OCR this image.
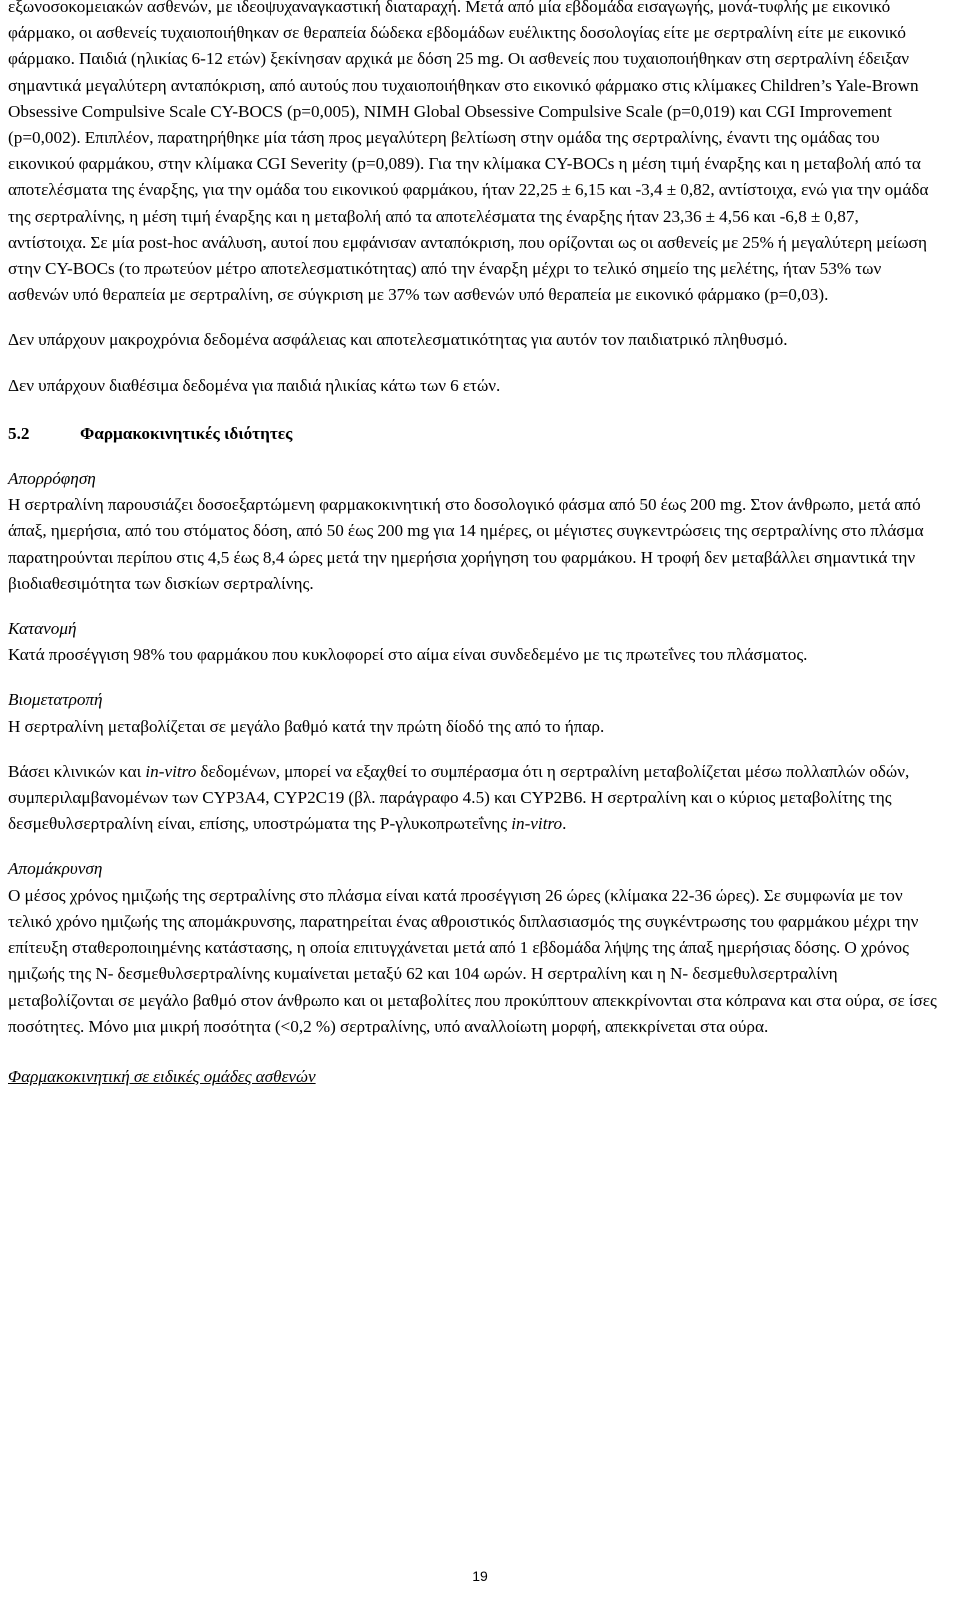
εξωνοσοκομειακών ασθενών, με ιδεοψυχαναγκαστική διαταραχή. Μετά από μία εβδομάδα εισαγωγής, μονά-τυφλής με εικονικό φάρμακο, οι ασθενείς τυχαιοποιήθηκαν σε θεραπεία δώδεκα εβδομάδων ευέλικτης δοσολογίας είτε με σερτραλίνη είτε με εικονικό φάρμακο. Παιδιά (ηλικίας 6-12 ετών) ξεκίνησαν αρχικά με δόση 25 mg. Οι ασθενείς που τυχαιοποιήθηκαν στη σερτραλίνη έδειξαν σημαντικά μεγαλύτερη ανταπόκριση, από αυτούς που τυχαιοποιήθηκαν στο εικονικό φάρμακο στις κλίμακες Children’s Yale-Brown Obsessive Compulsive Scale CY-BOCS (p=0,005), NIMH Global Obsessive Compulsive Scale (p=0,019) και CGI Improvement (p=0,002). Επιπλέον, παρατηρήθηκε μία τάση προς μεγαλύτερη βελτίωση στην ομάδα της σερτραλίνης, έναντι της ομάδας του εικονικού φαρμάκου, στην κλίμακα CGI Severity (p=0,089). Για την κλίμακα CY-BOCs η μέση τιμή έναρξης και η μεταβολή από τα αποτελέσματα της έναρξης, για την ομάδα του εικονικού φαρμάκου, ήταν 22,25 ± 6,15 και -3,4 ± 0,82, αντίστοιχα, ενώ για την ομάδα της σερτραλίνης, η μέση τιμή έναρξης και η μεταβολή από τα αποτελέσματα της έναρξης ήταν 23,36 ± 4,56 και -6,8 ± 0,87, αντίστοιχα. Σε μία post-hoc ανάλυση, αυτοί που εμφάνισαν ανταπόκριση, που ορίζονται ως οι ασθενείς με 25% ή μεγαλύτερη μείωση στην CY-BOCs (το πρωτεύον μέτρο αποτελεσματικότητας) από την έναρξη μέχρι το τελικό σημείο της μελέτης, ήταν 53% των ασθενών υπό θεραπεία με σερτραλίνη, σε σύγκριση με 37% των ασθενών υπό θεραπεία με εικονικό φάρμακο (p=0,03).

Δεν υπάρχουν μακροχρόνια δεδομένα ασφάλειας και αποτελεσματικότητας για αυτόν τον παιδιατρικό πληθυσμό.

Δεν υπάρχουν διαθέσιμα δεδομένα για παιδιά ηλικίας κάτω των 6 ετών.

5.2	Φαρμακοκινητικές ιδιότητες

Απορρόφηση

Η σερτραλίνη παρουσιάζει δοσοεξαρτώμενη φαρμακοκινητική στο δοσολογικό φάσμα από 50 έως 200 mg. Στον άνθρωπο, μετά από άπαξ, ημερήσια, από του στόματος δόση, από 50 έως 200 mg για 14 ημέρες, οι μέγιστες συγκεντρώσεις της σερτραλίνης στο πλάσμα παρατηρούνται περίπου στις 4,5 έως 8,4 ώρες μετά την ημερήσια χορήγηση του φαρμάκου. Η τροφή δεν μεταβάλλει σημαντικά την βιοδιαθεσιμότητα των δισκίων σερτραλίνης.

Κατανομή

Κατά προσέγγιση 98% του φαρμάκου που κυκλοφορεί στο αίμα είναι συνδεδεμένο με τις πρωτεΐνες του πλάσματος.

Βιομετατροπή

Η σερτραλίνη μεταβολίζεται σε μεγάλο βαθμό κατά την πρώτη δίοδό της από το ήπαρ.

Βάσει κλινικών και in-vitro δεδομένων, μπορεί να εξαχθεί το συμπέρασμα ότι η σερτραλίνη μεταβολίζεται μέσω πολλαπλών οδών, συμπεριλαμβανομένων των CYP3A4, CYP2C19 (βλ. παράγραφο 4.5) και CYP2B6. Η σερτραλίνη και ο κύριος μεταβολίτης της δεσμεθυλσερτραλίνη είναι, επίσης, υποστρώματα της P-γλυκοπρωτεΐνης in-vitro.

Απομάκρυνση

Ο μέσος χρόνος ημιζωής της σερτραλίνης στο πλάσμα είναι κατά προσέγγιση 26 ώρες (κλίμακα 22-36 ώρες). Σε συμφωνία με τον τελικό χρόνο ημιζωής της απομάκρυνσης, παρατηρείται ένας αθροιστικός διπλασιασμός της συγκέντρωσης του φαρμάκου μέχρι την επίτευξη σταθεροποιημένης κατάστασης, η οποία επιτυγχάνεται μετά από 1 εβδομάδα λήψης της άπαξ ημερήσιας δόσης. Ο χρόνος ημιζωής της N- δεσμεθυλσερτραλίνης κυμαίνεται μεταξύ 62 και 104 ωρών. Η σερτραλίνη και η N- δεσμεθυλσερτραλίνη μεταβολίζονται σε μεγάλο βαθμό στον άνθρωπο και οι μεταβολίτες που προκύπτουν απεκκρίνονται στα κόπρανα και στα ούρα, σε ίσες ποσότητες. Μόνο μια μικρή ποσότητα (<0,2 %) σερτραλίνης, υπό αναλλοίωτη μορφή, απεκκρίνεται στα ούρα.

Φαρμακοκινητική σε ειδικές ομάδες ασθενών

19
